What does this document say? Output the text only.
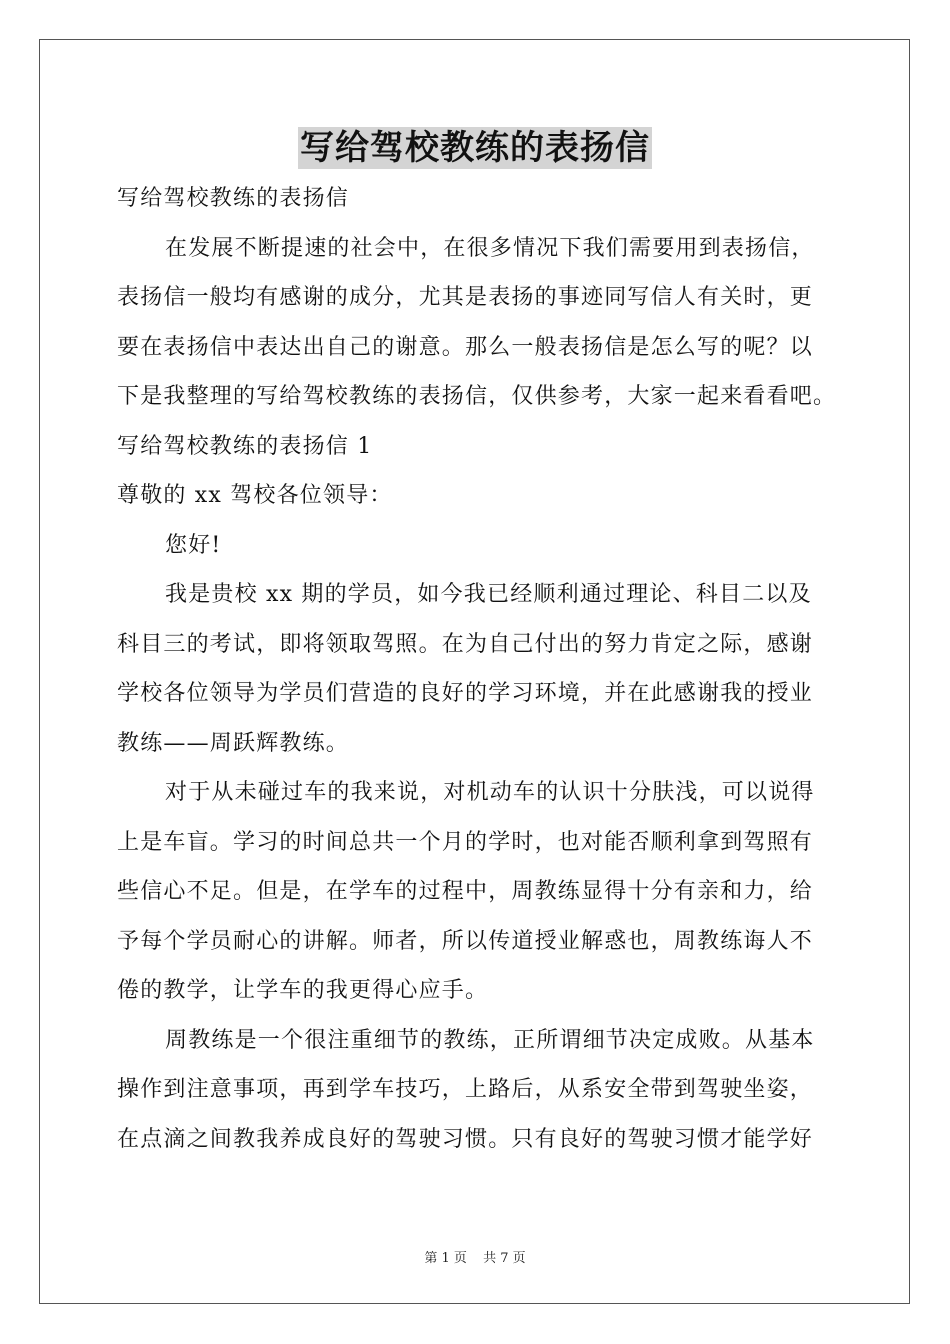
写给驾校教练的表扬信
写给驾校教练的表扬信
在发展不断提速的社会中，在很多情况下我们需要用到表扬信，
表扬信一般均有感谢的成分，尤其是表扬的事迹同写信人有关时，更
要在表扬信中表达出自己的谢意。那么一般表扬信是怎么写的呢？以
下是我整理的写给驾校教练的表扬信，仅供参考，大家一起来看看吧。
写给驾校教练的表扬信 1
尊敬的 xx 驾校各位领导：
您好!
我是贵校 xx 期的学员，如今我已经顺利通过理论、科目二以及
科目三的考试，即将领取驾照。在为自己付出的努力肯定之际，感谢
学校各位领导为学员们营造的良好的学习环境，并在此感谢我的授业
教练——周跃辉教练。
对于从未碰过车的我来说，对机动车的认识十分肤浅，可以说得
上是车盲。学习的时间总共一个月的学时，也对能否顺利拿到驾照有
些信心不足。但是，在学车的过程中，周教练显得十分有亲和力，给
予每个学员耐心的讲解。师者，所以传道授业解惑也，周教练诲人不
倦的教学，让学车的我更得心应手。
周教练是一个很注重细节的教练，正所谓细节决定成败。从基本
操作到注意事项，再到学车技巧，上路后，从系安全带到驾驶坐姿，
在点滴之间教我养成良好的驾驶习惯。只有良好的驾驶习惯才能学好
第 1 页 共 7 页
